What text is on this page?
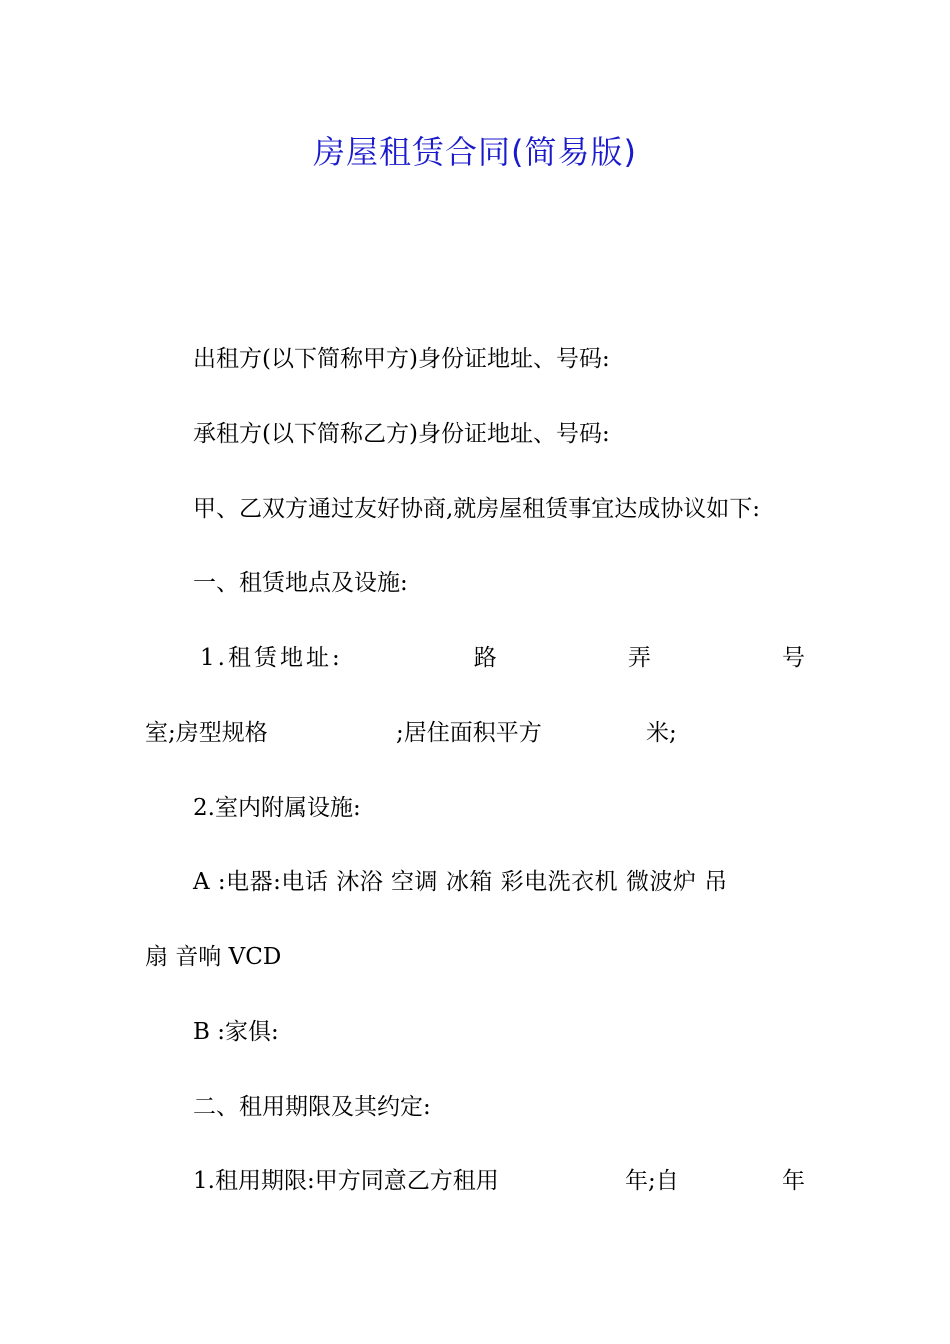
房屋租赁合同(简易版)
出租方(以下简称甲方)身份证地址、号码:
承租方(以下简称乙方)身份证地址、号码:
甲、乙双方通过友好协商,就房屋租赁事宜达成协议如下:
一、租赁地点及设施:
1.租赁地址:	路	弄	号
室;房型规格	;居住面积平方	米;
2.室内附属设施:
A :电器:电话 沐浴 空调 冰箱 彩电洗衣机 微波炉 吊
扇 音响 VCD
B :家俱:
二、租用期限及其约定:
1.租用期限:甲方同意乙方租用	年;自	年
